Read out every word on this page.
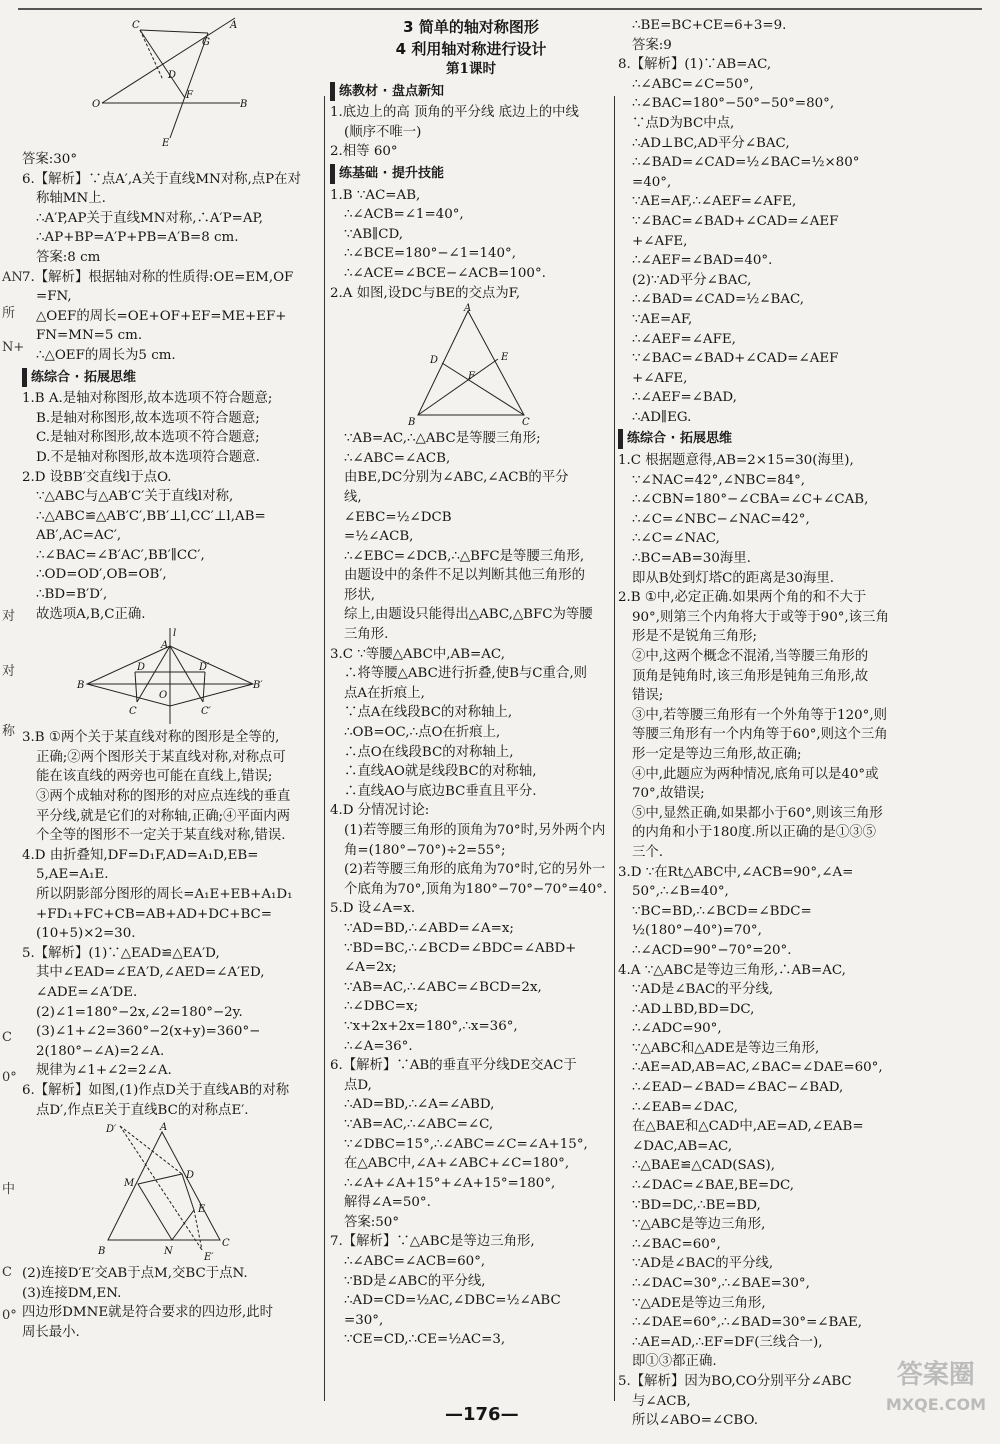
AN
所
N+
对
对
称
C
0°
中
C
0°
C	A
G
D
O
F
B
E
答案:30°
6.【解析】∵点A′,A关于直线MN对称,点P在对
称轴MN上.
∴A′P,AP关于直线MN对称,∴A′P=AP,
∴AP+BP=A′P+PB=A′B=8 cm.
答案:8 cm
7.【解析】根据轴对称的性质得:OE=EM,OF
=FN,
△OEF的周长=OE+OF+EF=ME+EF+
FN=MN=5 cm.
∴△OEF的周长为5 cm.
练综合 · 拓展思维
1.B A.是轴对称图形,故本选项不符合题意;
B.是轴对称图形,故本选项不符合题意;
C.是轴对称图形,故本选项不符合题意;
D.不是轴对称图形,故本选项符合题意.
2.D 设BB′交直线l于点O.
∵△ABC与△AB′C′关于直线l对称,
∴△ABC≌△AB′C′,BB′⊥l,CC′⊥l,AB=
AB′,AC=AC′,
∴∠BAC=∠B′AC′,BB′∥CC′,
∴OD=OD′,OB=OB′,
∴BD=B′D′,
故选项A,B,C正确.
l
A
B
D	D′
B′
C
O
C′
3.B ①两个关于某直线对称的图形是全等的,
正确;②两个图形关于某直线对称,对称点可
能在该直线的两旁也可能在直线上,错误;
③两个成轴对称的图形的对应点连线的垂直
平分线,就是它们的对称轴,正确;④平面内两
个全等的图形不一定关于某直线对称,错误.
4.D 由折叠知,DF=D₁F,AD=A₁D,EB=
5,AE=A₁E.
所以阴影部分图形的周长=A₁E+EB+A₁D₁
+FD₁+FC+CB=AB+AD+DC+BC=
(10+5)×2=30.
5.【解析】(1)∵△EAD≌△EA′D,
其中∠EAD=∠EA′D,∠AED=∠A′ED,
∠ADE=∠A′DE.
(2)∠1=180°−2x,∠2=180°−2y.
(3)∠1+∠2=360°−2(x+y)=360°−
2(180°−∠A)=2∠A.
规律为∠1+∠2=2∠A.
6.【解析】如图,(1)作点D关于直线AB的对称
点D′,作点E关于直线BC的对称点E′.
D′	A
M
D
E
B	N
C
E′
(2)连接D′E′交AB于点M,交BC于点N.
(3)连接DM,EN.
四边形DMNE就是符合要求的四边形,此时
周长最小.
3 简单的轴对称图形
4 利用轴对称进行设计
第1课时
练教材 · 盘点新知
1.底边上的高 顶角的平分线 底边上的中线
(顺序不唯一)
2.相等 60°
练基础 · 提升技能
1.B ∵AC=AB,
∴∠ACB=∠1=40°,
∵AB∥CD,
∴∠BCE=180°−∠1=140°,
∴∠ACE=∠BCE−∠ACB=100°.
2.A 如图,设DC与BE的交点为F,
A
D
F
E
B	C
∵AB=AC,∴△ABC是等腰三角形;
∴∠ABC=∠ACB,
由BE,DC分别为∠ABC,∠ACB的平分
线,
∠EBC=½∠DCB
=½∠ACB,
∴∠EBC=∠DCB,∴△BFC是等腰三角形,
由题设中的条件不足以判断其他三角形的
形状,
综上,由题设只能得出△ABC,△BFC为等腰
三角形.
3.C ∵等腰△ABC中,AB=AC,
∴将等腰△ABC进行折叠,使B与C重合,则
点A在折痕上,
∵点A在线段BC的对称轴上,
∴OB=OC,∴点O在折痕上,
∴点O在线段BC的对称轴上,
∴直线AO就是线段BC的对称轴,
∴直线AO与底边BC垂直且平分.
4.D 分情况讨论:
(1)若等腰三角形的顶角为70°时,另外两个内
角=(180°−70°)÷2=55°;
(2)若等腰三角形的底角为70°时,它的另外一
个底角为70°,顶角为180°−70°−70°=40°.
5.D 设∠A=x.
∵AD=BD,∴∠ABD=∠A=x;
∵BD=BC,∴∠BCD=∠BDC=∠ABD+
∠A=2x;
∵AB=AC,∴∠ABC=∠BCD=2x,
∴∠DBC=x;
∵x+2x+2x=180°,∴x=36°,
∴∠A=36°.
6.【解析】∵AB的垂直平分线DE交AC于
点D,
∴AD=BD,∴∠A=∠ABD,
∵AB=AC,∴∠ABC=∠C,
∵∠DBC=15°,∴∠ABC=∠C=∠A+15°,
在△ABC中,∠A+∠ABC+∠C=180°,
∴∠A+∠A+15°+∠A+15°=180°,
解得∠A=50°.
答案:50°
7.【解析】∵△ABC是等边三角形,
∴∠ABC=∠ACB=60°,
∵BD是∠ABC的平分线,
∴AD=CD=½AC,∠DBC=½∠ABC
=30°,
∵CE=CD,∴CE=½AC=3,
∴BE=BC+CE=6+3=9.
答案:9
8.【解析】(1)∵AB=AC,
∴∠ABC=∠C=50°,
∴∠BAC=180°−50°−50°=80°,
∵点D为BC中点,
∴AD⊥BC,AD平分∠BAC,
∴∠BAD=∠CAD=½∠BAC=½×80°
=40°,
∵AE=AF,∴∠AEF=∠AFE,
∵∠BAC=∠BAD+∠CAD=∠AEF
+∠AFE,
∴∠AEF=∠BAD=40°.
(2)∵AD平分∠BAC,
∴∠BAD=∠CAD=½∠BAC,
∵AE=AF,
∴∠AEF=∠AFE,
∵∠BAC=∠BAD+∠CAD=∠AEF
+∠AFE,
∴∠AEF=∠BAD,
∴AD∥EG.
练综合 · 拓展思维
1.C 根据题意得,AB=2×15=30(海里),
∵∠NAC=42°,∠NBC=84°,
∴∠CBN=180°−∠CBA=∠C+∠CAB,
∴∠C=∠NBC−∠NAC=42°,
∴∠C=∠NAC,
∴BC=AB=30海里.
即从B处到灯塔C的距离是30海里.
2.B ①中,必定正确.如果两个角的和不大于
90°,则第三个内角将大于或等于90°,该三角
形是不是锐角三角形;
②中,这两个概念不混淆,当等腰三角形的
顶角是钝角时,该三角形是钝角三角形,故
错误;
③中,若等腰三角形有一个外角等于120°,则
等腰三角形有一个内角等于60°,则这个三角
形一定是等边三角形,故正确;
④中,此题应为两种情况,底角可以是40°或
70°,故错误;
⑤中,显然正确,如果都小于60°,则该三角形
的内角和小于180度.所以正确的是①③⑤
三个.
3.D ∵在Rt△ABC中,∠ACB=90°,∠A=
50°,∴∠B=40°,
∵BC=BD,∴∠BCD=∠BDC=
½(180°−40°)=70°,
∴∠ACD=90°−70°=20°.
4.A ∵△ABC是等边三角形,∴AB=AC,
∵AD是∠BAC的平分线,
∴AD⊥BD,BD=DC,
∴∠ADC=90°,
∵△ABC和△ADE是等边三角形,
∴AE=AD,AB=AC,∠BAC=∠DAE=60°,
∴∠EAD−∠BAD=∠BAC−∠BAD,
∴∠EAB=∠DAC,
在△BAE和△CAD中,AE=AD,∠EAB=
∠DAC,AB=AC,
∴△BAE≌△CAD(SAS),
∴∠DAC=∠BAE,BE=DC,
∵BD=DC,∴BE=BD,
∵△ABC是等边三角形,
∴∠BAC=60°,
∵AD是∠BAC的平分线,
∴∠DAC=30°,∴∠BAE=30°,
∵△ADE是等边三角形,
∴∠DAE=60°,∴∠BAD=30°=∠BAE,
∴AE=AD,∴EF=DF(三线合一),
即①③都正确.
5.【解析】因为BO,CO分别平分∠ABC
与∠ACB,
所以∠ABO=∠CBO.
—176—
答案圈
MXQE.COM
